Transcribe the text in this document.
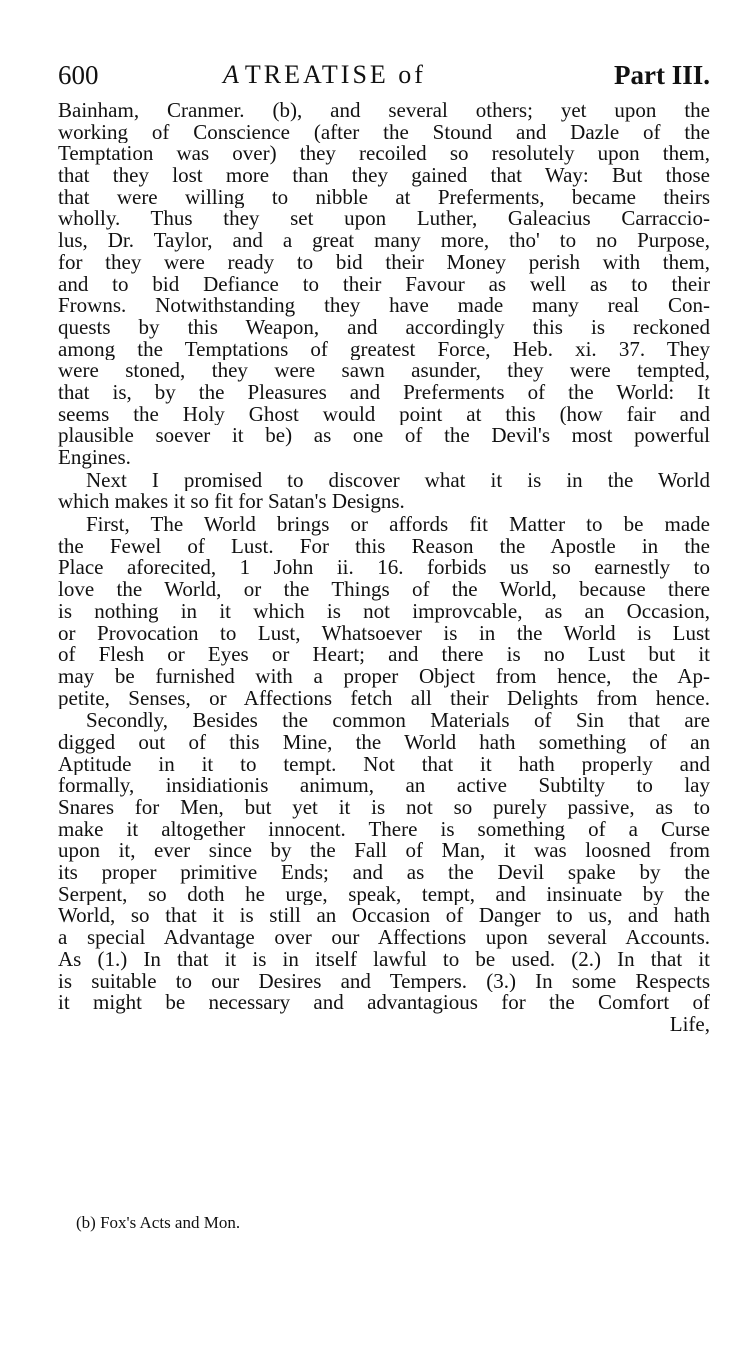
600	A TREATISE of	Part III.
Bainham, Cranmer. (b), and several others; yet upon the
working of Conscience (after the Stound and Dazle of the
Temptation was over) they recoiled so resolutely upon them,
that they lost more than they gained that Way: But those
that were willing to nibble at Preferments, became theirs
wholly. Thus they set upon Luther, Galeacius Carraccio-
lus, Dr. Taylor, and a great many more, tho' to no Purpose,
for they were ready to bid their Money perish with them,
and to bid Defiance to their Favour as well as to their
Frowns. Notwithstanding they have made many real Con-
quests by this Weapon, and accordingly this is reckoned
among the Temptations of greatest Force, Heb. xi. 37. They
were stoned, they were sawn asunder, they were tempted,
that is, by the Pleasures and Preferments of the World: It
seems the Holy Ghost would point at this (how fair and
plausible soever it be) as one of the Devil's most powerful
Engines.
Next I promised to discover what it is in the World
which makes it so fit for Satan's Designs.
First, The World brings or affords fit Matter to be made
the Fewel of Lust. For this Reason the Apostle in the
Place aforecited, 1 John ii. 16. forbids us so earnestly to
love the World, or the Things of the World, because there
is nothing in it which is not improvcable, as an Occasion,
or Provocation to Lust, Whatsoever is in the World is Lust
of Flesh or Eyes or Heart; and there is no Lust but it
may be furnished with a proper Object from hence, the Ap-
petite, Senses, or Affections fetch all their Delights from hence.
Secondly, Besides the common Materials of Sin that are
digged out of this Mine, the World hath something of an
Aptitude in it to tempt. Not that it hath properly and
formally, insidiationis animum, an active Subtilty to lay
Snares for Men, but yet it is not so purely passive, as to
make it altogether innocent. There is something of a Curse
upon it, ever since by the Fall of Man, it was loosned from
its proper primitive Ends; and as the Devil spake by the
Serpent, so doth he urge, speak, tempt, and insinuate by the
World, so that it is still an Occasion of Danger to us, and hath
a special Advantage over our Affections upon several Accounts.
As (1.) In that it is in itself lawful to be used. (2.) In that it
is suitable to our Desires and Tempers. (3.) In some Respects
it might be necessary and advantagious for the Comfort of
Life,
(b) Fox's Acts and Mon.
